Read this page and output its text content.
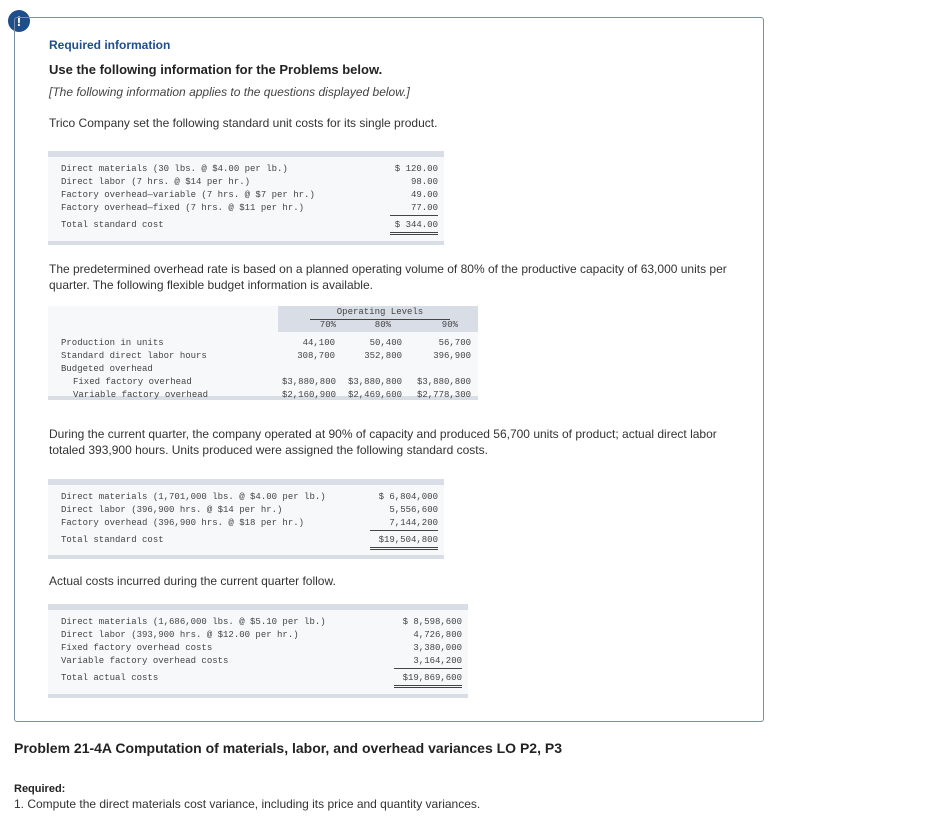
!
Required information
Use the following information for the Problems below.
[The following information applies to the questions displayed below.]
Trico Company set the following standard unit costs for its single product.
Direct materials (30 lbs. @ $4.00 per lb.)	$ 120.00
Direct labor (7 hrs. @ $14 per hr.)	98.00
Factory overhead—variable (7 hrs. @ $7 per hr.)	49.00
Factory overhead—fixed (7 hrs. @ $11 per hr.)	77.00
Total standard cost	$ 344.00
The predetermined overhead rate is based on a planned operating volume of 80% of the productive capacity of 63,000 units per quarter. The following flexible budget information is available.
Operating Levels
70%	80%	90%
Production in units	44,100	50,400	56,700
Standard direct labor hours	308,700	352,800	396,900
Budgeted overhead
Fixed factory overhead	$3,880,800	$3,880,800	$3,880,800
Variable factory overhead	$2,160,900	$2,469,600	$2,778,300
During the current quarter, the company operated at 90% of capacity and produced 56,700 units of product; actual direct labor totaled 393,900 hours. Units produced were assigned the following standard costs.
Direct materials (1,701,000 lbs. @ $4.00 per lb.)	$ 6,804,000
Direct labor (396,900 hrs. @ $14 per hr.)	5,556,600
Factory overhead (396,900 hrs. @ $18 per hr.)	7,144,200
Total standard cost	$19,504,800
Actual costs incurred during the current quarter follow.
Direct materials (1,686,000 lbs. @ $5.10 per lb.)	$ 8,598,600
Direct labor (393,900 hrs. @ $12.00 per hr.)	4,726,800
Fixed factory overhead costs	3,380,000
Variable factory overhead costs	3,164,200
Total actual costs	$19,869,600
Problem 21-4A Computation of materials, labor, and overhead variances LO P2, P3
Required:
1. Compute the direct materials cost variance, including its price and quantity variances.
